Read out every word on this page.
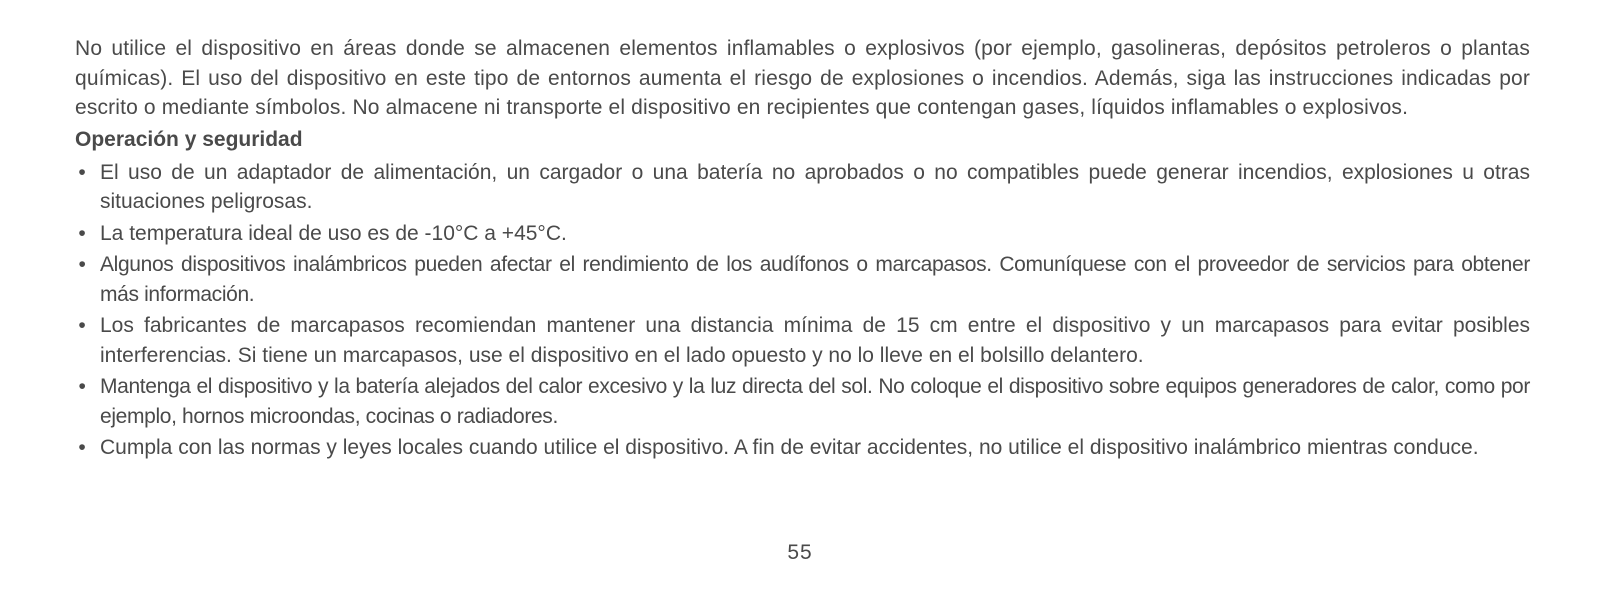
No utilice el dispositivo en áreas donde se almacenen elementos inflamables o explosivos (por ejemplo, gasolineras, depósitos petroleros o plantas químicas). El uso del dispositivo en este tipo de entornos aumenta el riesgo de explosiones o incendios. Además, siga las instrucciones indicadas por escrito o mediante símbolos. No almacene ni transporte el dispositivo en recipientes que contengan gases, líquidos inflamables o explosivos.

Operación y seguridad
• El uso de un adaptador de alimentación, un cargador o una batería no aprobados o no compatibles puede generar incendios, explosiones u otras situaciones peligrosas.
• La temperatura ideal de uso es de -10°C a +45°C.
• Algunos dispositivos inalámbricos pueden afectar el rendimiento de los audífonos o marcapasos. Comuníquese con el proveedor de servicios para obtener más información.
• Los fabricantes de marcapasos recomiendan mantener una distancia mínima de 15 cm entre el dispositivo y un marcapasos para evitar posibles interferencias. Si tiene un marcapasos, use el dispositivo en el lado opuesto y no lo lleve en el bolsillo delantero.
• Mantenga el dispositivo y la batería alejados del calor excesivo y la luz directa del sol. No coloque el dispositivo sobre equipos generadores de calor, como por ejemplo, hornos microondas, cocinas o radiadores.
• Cumpla con las normas y leyes locales cuando utilice el dispositivo. A fin de evitar accidentes, no utilice el dispositivo inalámbrico mientras conduce.
55
